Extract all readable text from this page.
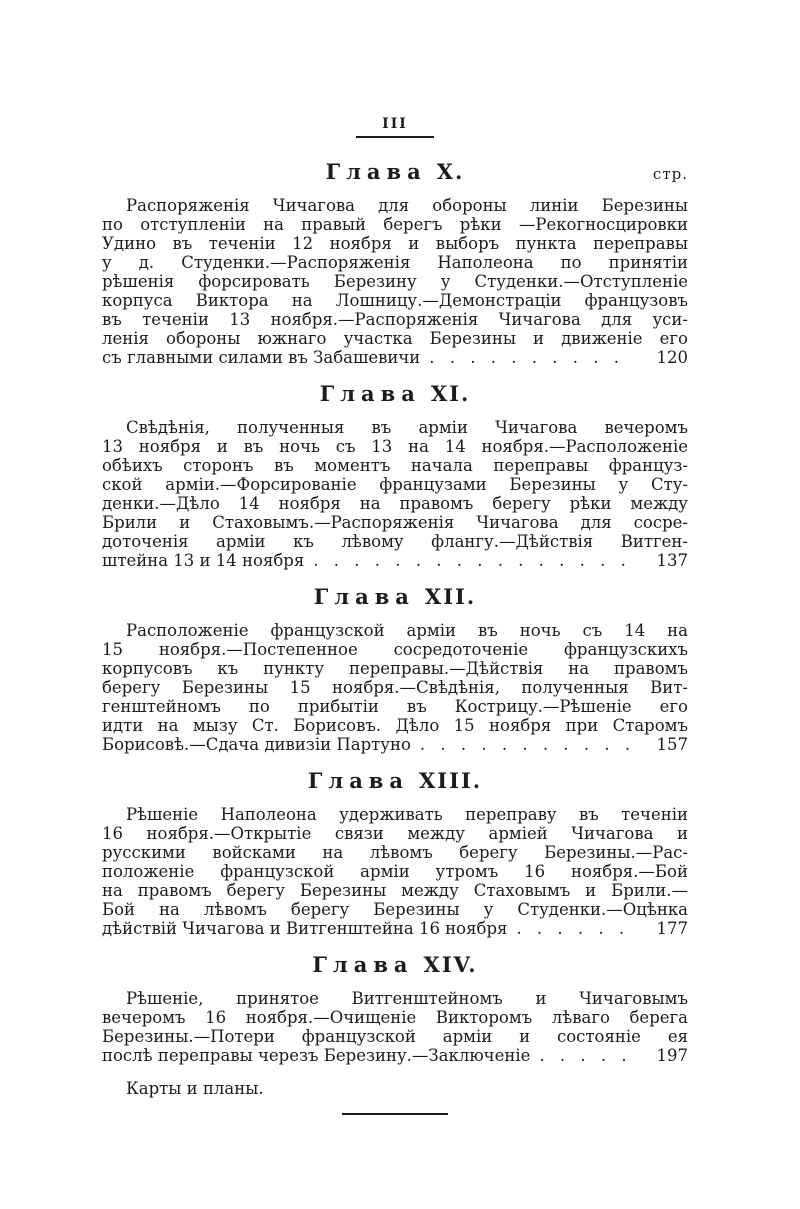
III
Глава X.	стр.

Распоряженія Чичагова для обороны линіи Березины
по отступленіи на правый берегъ рѣки —Рекогносцировки
Удино въ теченіи 12 ноября и выборъ пункта переправы
у д. Студенки.—Распоряженія Наполеона по принятіи
рѣшенія форсировать Березину у Студенки.—Отступленіе
корпуса Виктора на Лошницу.—Демонстраціи французовъ
въ теченіи 13 ноября.—Распоряженія Чичагова для уси-
ленія обороны южнаго участка Березины и движеніе его
съ главными силами въ Забашевичи . . . . . . . . . .	120

Глава XI.

Свѣдѣнія, полученныя въ арміи Чичагова вечеромъ
13 ноября и въ ночь съ 13 на 14 ноября.—Расположеніе
обѣихъ сторонъ въ моментъ начала переправы француз-
ской арміи.—Форсированіе французами Березины у Сту-
денки.—Дѣло 14 ноября на правомъ берегу рѣки между
Брили и Стаховымъ.—Распоряженія Чичагова для сосре-
доточенія арміи къ лѣвому флангу.—Дѣйствія Витген-
штейна 13 и 14 ноября . . . . . . . . . . . . . . . .	137

Глава XII.

Расположеніе французской арміи въ ночь съ 14 на
15 ноября.—Постепенное сосредоточеніе французскихъ
корпусовъ къ пункту переправы.—Дѣйствія на правомъ
берегу Березины 15 ноября.—Свѣдѣнія, полученныя Вит-
генштейномъ по прибытіи въ Кострицу.—Рѣшеніе его
идти на мызу Ст. Борисовъ. Дѣло 15 ноября при Старомъ
Борисовѣ.—Сдача дивизіи Партуно . . . . . . . . . . .	157

Глава XIII.

Рѣшеніе Наполеона удерживать переправу въ теченіи
16 ноября.—Открытіе связи между арміей Чичагова и
русскими войсками на лѣвомъ берегу Березины.—Рас-
положеніе французской арміи утромъ 16 ноября.—Бой
на правомъ берегу Березины между Стаховымъ и Брили.—
Бой на лѣвомъ берегу Березины у Студенки.—Оцѣнка
дѣйствій Чичагова и Витгенштейна 16 ноября . . . . . .	177

Глава XIV.

Рѣшеніе, принятое Витгенштейномъ и Чичаговымъ
вечеромъ 16 ноября.—Очищеніе Викторомъ лѣваго берега
Березины.—Потери французской арміи и состояніе ея
послѣ переправы черезъ Березину.—Заключеніе . . . . .	197

Карты и планы.
